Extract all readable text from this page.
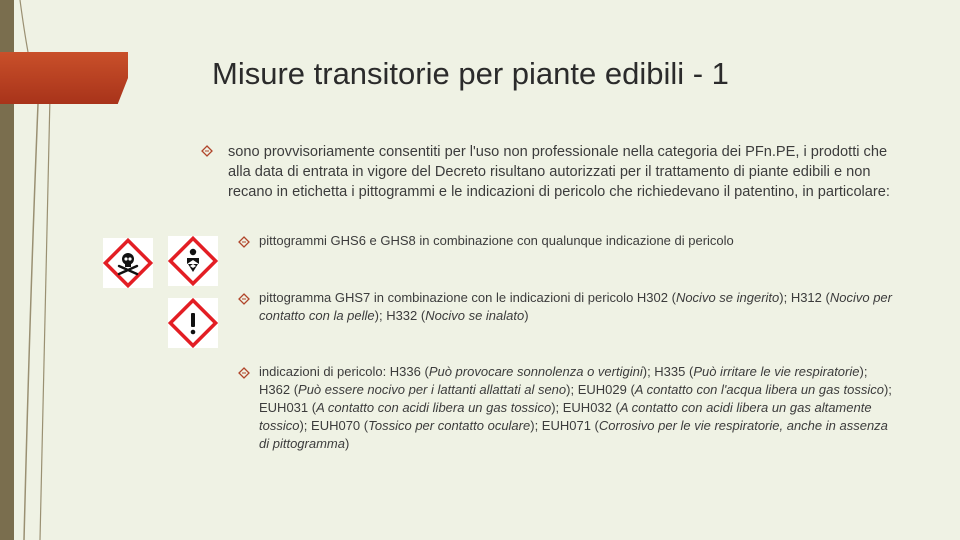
Misure transitorie per piante edibili - 1
sono provvisoriamente consentiti per l'uso non professionale nella categoria dei PFn.PE, i prodotti che alla data di entrata in vigore del Decreto risultano autorizzati per il trattamento di piante edibili e non recano in etichetta i pittogrammi e le indicazioni di pericolo che richiedevano il patentino, in particolare:
pittogrammi GHS6 e GHS8 in combinazione con qualunque indicazione di pericolo
pittogramma GHS7 in combinazione con le indicazioni di pericolo H302 (Nocivo se ingerito); H312 (Nocivo per contatto con la pelle); H332 (Nocivo se inalato)
indicazioni di pericolo: H336 (Può provocare sonnolenza o vertigini); H335 (Può irritare le vie respiratorie); H362 (Può essere nocivo per i lattanti allattati al seno); EUH029 (A contatto con l'acqua libera un gas tossico); EUH031 (A contatto con acidi libera un gas tossico); EUH032 (A contatto con acidi libera un gas altamente tossico); EUH070 (Tossico per contatto oculare); EUH071 (Corrosivo per le vie respiratorie, anche in assenza di pittogramma)
